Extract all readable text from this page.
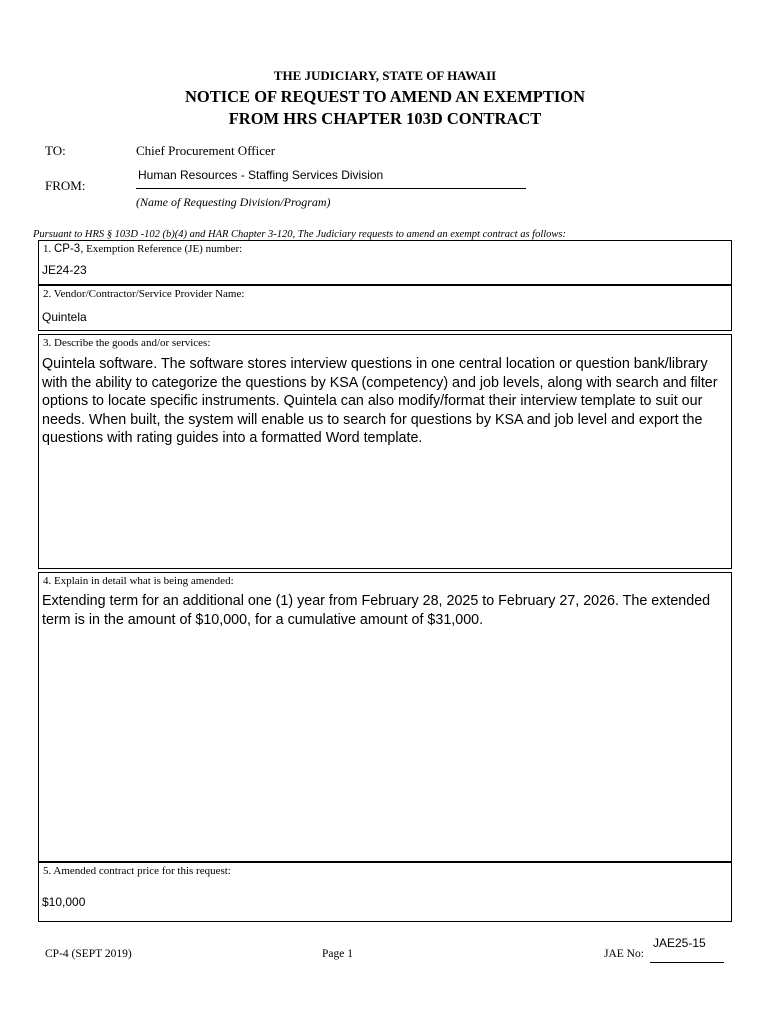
THE JUDICIARY, STATE OF HAWAII
NOTICE OF REQUEST TO AMEND AN EXEMPTION
FROM HRS CHAPTER 103D CONTRACT
TO:	Chief Procurement Officer
FROM:
Human Resources - Staffing Services Division
(Name of Requesting Division/Program)
Pursuant to HRS § 103D -102 (b)(4) and HAR Chapter 3-120, The Judiciary requests to amend an exempt contract as follows:
1. CP-3, Exemption Reference (JE) number:
JE24-23
2. Vendor/Contractor/Service Provider Name:
Quintela
3. Describe the goods and/or services:
Quintela software. The software stores interview questions in one central location or question bank/library with the ability to categorize the questions by KSA (competency) and job levels, along with search and filter options to locate specific instruments. Quintela can also modify/format their interview template to suit our needs. When built, the system will enable us to search for questions by KSA and job level and export the questions with rating guides into a formatted Word template.
4. Explain in detail what is being amended:
Extending term for an additional one (1) year from February 28, 2025 to February 27, 2026. The extended term is in the amount of $10,000, for a cumulative amount of $31,000.
5. Amended contract price for this request:
$10,000
CP-4 (SEPT 2019)	Page 1	JAE No:
JAE25-15
